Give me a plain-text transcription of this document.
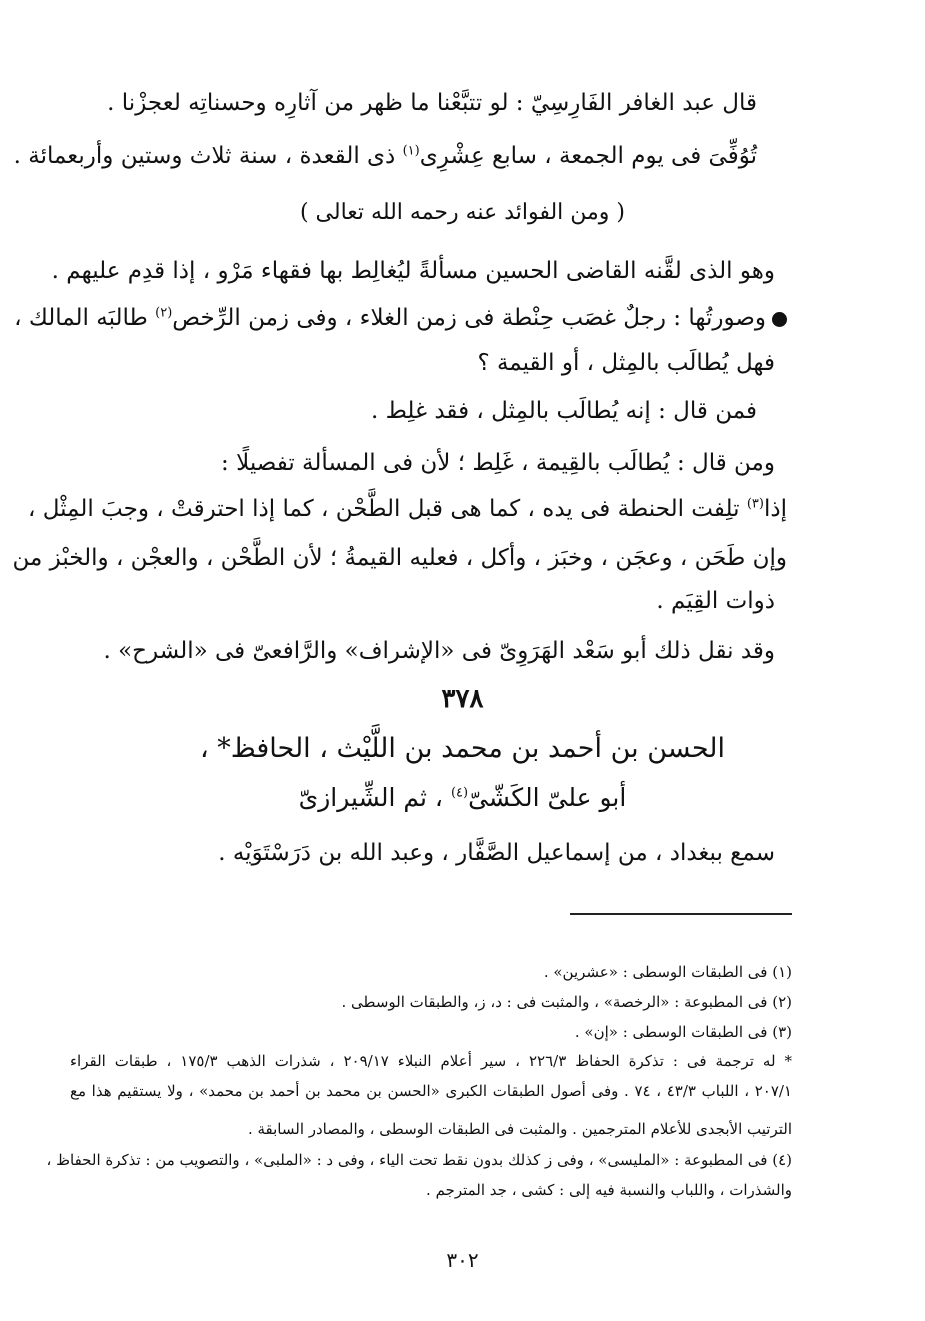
قال عبد الغافر الفَارِسِيّ : لو تتبَّعْنا ما ظهر من آثارِه وحسناتِه لعجزْنا .
تُوُفِّىَ فى يوم الجمعة ، سابع عِشْرِى$^{(١)}$ ذى القعدة ، سنة ثلاث وستين وأربعمائة .
( ومن الفوائد عنه رحمه الله تعالى )
وهو الذى لقَّنه القاضى الحسين مسألةً ليُغالِط بها فقهاء مَرْو ، إذا قدِم عليهم .
وصورتُها : رجلٌ غصَب حِنْطة فى زمن الغلاء ، وفى زمن الرِّخص$^{(٢)}$ طالبَه المالك ،
فهل يُطالَب بالمِثل ، أو القيمة ؟
فمن قال : إنه يُطالَب بالمِثل ، فقد غلِط .
ومن قال : يُطالَب بالقِيمة ، غَلِط ؛ لأن فى المسألة تفصيلًا :
إذا$^{(٣)}$ تلِفت الحنطة فى يده ، كما هى قبل الطَّحْن ، كما إذا احترقتْ ، وجبَ المِثْل ،
وإن طَحَن ، وعجَن ، وخبَز ، وأكل ، فعليه القيمةُ ؛ لأن الطَّحْن ، والعجْن ، والخبْز من
ذوات القِيَم .
وقد نقل ذلك أبو سَعْد الهَرَوِىّ فى «الإشراف» والرَّافعىّ فى «الشرح» .
٣٧٨
الحسن بن أحمد بن محمد بن اللَّيْث ، الحافظ* ،
أبو علىّ الكَشّىّ$^{(٤)}$ ، ثم الشِّيرازىّ
سمع ببغداد ، من إسماعيل الصَّفَّار ، وعبد الله بن دَرَسْتَوَيْه .
(١) فى الطبقات الوسطى : «عشرين» .
(٢) فى المطبوعة : «الرخصة» ، والمثبت فى : د، ز، والطبقات الوسطى .
(٣) فى الطبقات الوسطى : «إن» .
* له ترجمة فى : تذكرة الحفاظ ٢٢٦/٣ ، سير أعلام النبلاء ٢٠٩/١٧ ، شذرات الذهب ١٧٥/٣ ، طبقات القراء
٢٠٧/١ ، اللباب ٤٣/٣ ، ٧٤ . وفى أصول الطبقات الكبرى «الحسن بن محمد بن أحمد بن محمد» ، ولا يستقيم هذا مع
الترتيب الأبجدى للأعلام المترجمين . والمثبت فى الطبقات الوسطى ، والمصادر السابقة .
(٤) فى المطبوعة : «المليسى» ، وفى ز كذلك بدون نقط تحت الياء ، وفى د : «الملبى» ، والتصويب من : تذكرة الحفاظ ،
والشذرات ، واللباب والنسبة فيه إلى : كشى ، جد المترجم .
٣٠٢
